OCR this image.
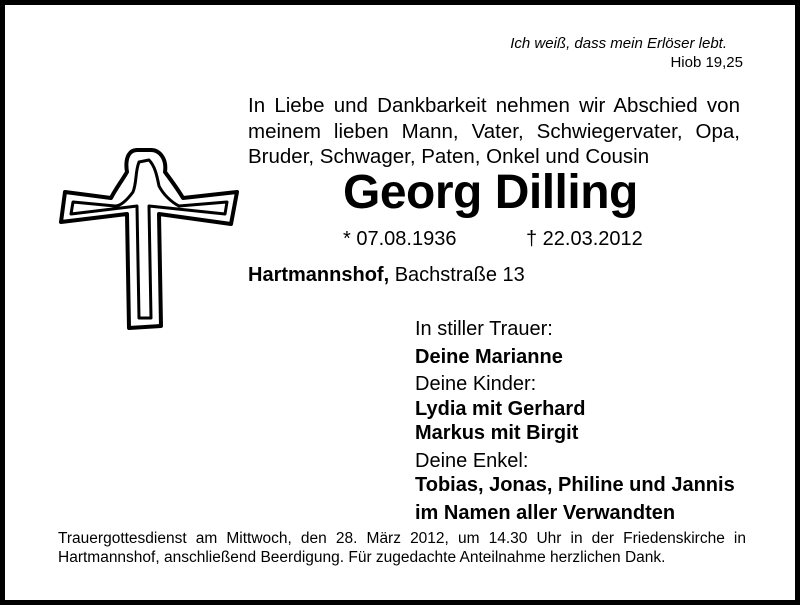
Ich weiß, dass mein Erlöser lebt.
Hiob 19,25
In Liebe und Dankbarkeit nehmen wir Abschied von meinem lieben Mann, Vater, Schwiegervater, Opa, Bruder, Schwager, Paten, Onkel und Cousin
Georg Dilling
* 07.08.1936	† 22.03.2012
Hartmannshof, Bachstraße 13
In stiller Trauer:
Deine Marianne
Deine Kinder:
Lydia mit Gerhard
Markus mit Birgit
Deine Enkel:
Tobias, Jonas, Philine und Jannis
im Namen aller Verwandten
Trauergottesdienst am Mittwoch, den 28. März 2012, um 14.30 Uhr in der Friedenskirche in Hartmannshof, anschließend Beerdigung. Für zugedachte Anteilnahme herzlichen Dank.
